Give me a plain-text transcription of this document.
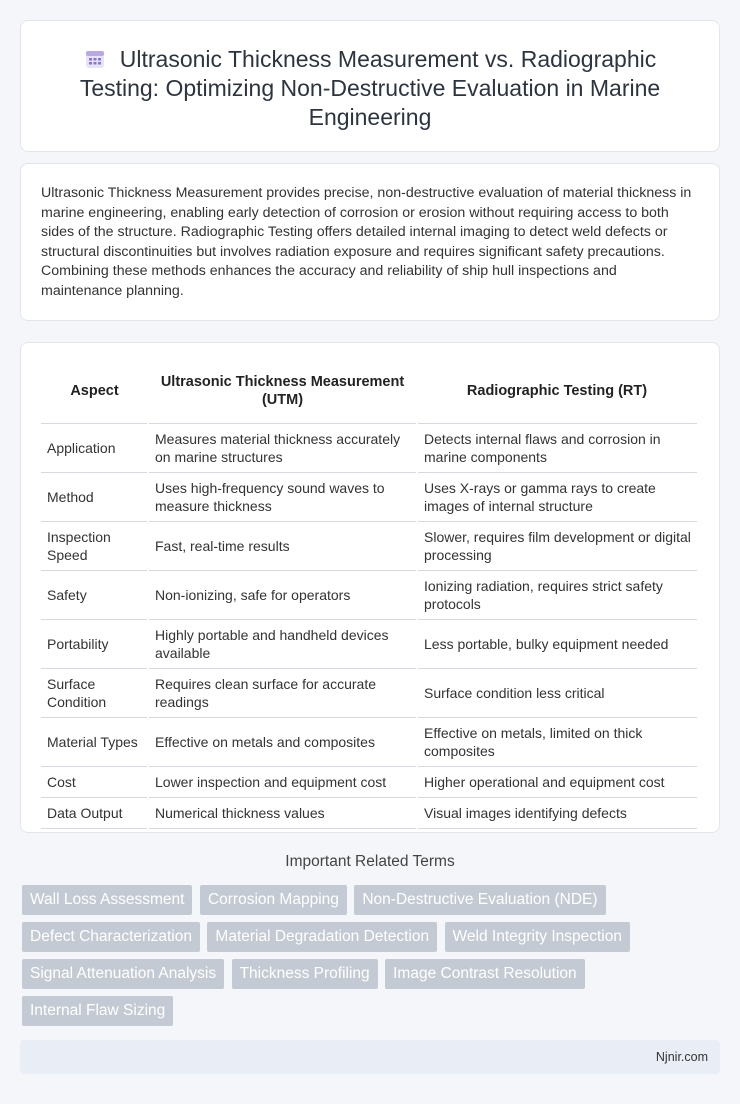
Ultrasonic Thickness Measurement vs. Radiographic Testing: Optimizing Non-Destructive Evaluation in Marine Engineering

Ultrasonic Thickness Measurement provides precise, non-destructive evaluation of material thickness in marine engineering, enabling early detection of corrosion or erosion without requiring access to both sides of the structure. Radiographic Testing offers detailed internal imaging to detect weld defects or structural discontinuities but involves radiation exposure and requires significant safety precautions. Combining these methods enhances the accuracy and reliability of ship hull inspections and maintenance planning.

Aspect	Ultrasonic Thickness Measurement (UTM)	Radiographic Testing (RT)
Application	Measures material thickness accurately on marine structures	Detects internal flaws and corrosion in marine components
Method	Uses high-frequency sound waves to measure thickness	Uses X-rays or gamma rays to create images of internal structure
Inspection Speed	Fast, real-time results	Slower, requires film development or digital processing
Safety	Non-ionizing, safe for operators	Ionizing radiation, requires strict safety protocols
Portability	Highly portable and handheld devices available	Less portable, bulky equipment needed
Surface Condition	Requires clean surface for accurate readings	Surface condition less critical
Material Types	Effective on metals and composites	Effective on metals, limited on thick composites
Cost	Lower inspection and equipment cost	Higher operational and equipment cost
Data Output	Numerical thickness values	Visual images identifying defects
Important Related Terms
Wall Loss Assessment Corrosion Mapping Non-Destructive Evaluation (NDE) Defect Characterization Material Degradation Detection Weld Integrity Inspection Signal Attenuation Analysis Thickness Profiling Image Contrast Resolution Internal Flaw Sizing
Njnir.com
